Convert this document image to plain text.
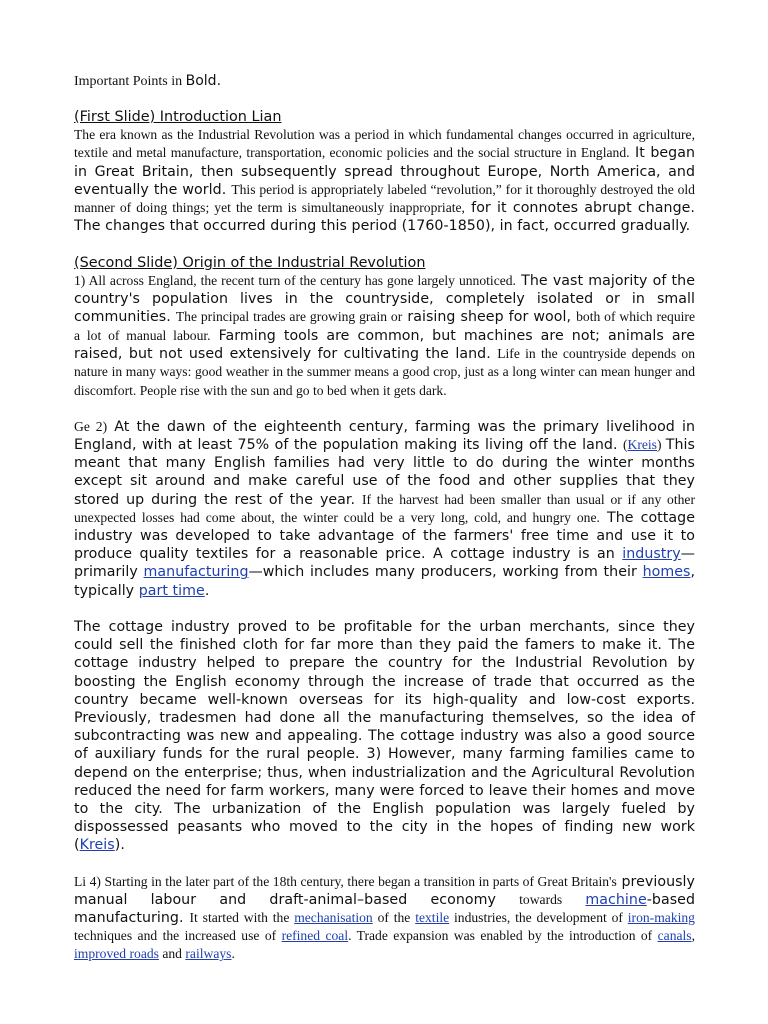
Important Points in Bold.
(First Slide) Introduction Lian

The era known as the Industrial Revolution was a period in which fundamental changes occurred in agriculture, textile and metal manufacture, transportation, economic policies and the social structure in England. It began in Great Britain, then subsequently spread throughout Europe, North America, and eventually the world. This period is appropriately labeled “revolution,” for it thoroughly destroyed the old manner of doing things; yet the term is simultaneously inappropriate, for it connotes abrupt change. The changes that occurred during this period (1760-1850), in fact, occurred gradually.

(Second Slide) Origin of the Industrial Revolution

1) All across England, the recent turn of the century has gone largely unnoticed. The vast majority of the country's population lives in the countryside, completely isolated or in small communities. The principal trades are growing grain or raising sheep for wool, both of which require a lot of manual labour. Farming tools are common, but machines are not; animals are raised, but not used extensively for cultivating the land. Life in the countryside depends on nature in many ways: good weather in the summer means a good crop, just as a long winter can mean hunger and discomfort. People rise with the sun and go to bed when it gets dark.

Ge 2) At the dawn of the eighteenth century, farming was the primary livelihood in England, with at least 75% of the population making its living off the land. (Kreis) This meant that many English families had very little to do during the winter months except sit around and make careful use of the food and other supplies that they stored up during the rest of the year. If the harvest had been smaller than usual or if any other unexpected losses had come about, the winter could be a very long, cold, and hungry one. The cottage industry was developed to take advantage of the farmers' free time and use it to produce quality textiles for a reasonable price. A cottage industry is an industry—primarily manufacturing—which includes many producers, working from their homes, typically part time.

The cottage industry proved to be profitable for the urban merchants, since they could sell the finished cloth for far more than they paid the famers to make it. The cottage industry helped to prepare the country for the Industrial Revolution by boosting the English economy through the increase of trade that occurred as the country became well-known overseas for its high-quality and low-cost exports. Previously, tradesmen had done all the manufacturing themselves, so the idea of subcontracting was new and appealing. The cottage industry was also a good source of auxiliary funds for the rural people. 3) However, many farming families came to depend on the enterprise; thus, when industrialization and the Agricultural Revolution reduced the need for farm workers, many were forced to leave their homes and move to the city. The urbanization of the English population was largely fueled by dispossessed peasants who moved to the city in the hopes of finding new work (Kreis).

Li 4) Starting in the later part of the 18th century, there began a transition in parts of Great Britain's previously manual labour and draft-animal–based economy towards machine-based manufacturing. It started with the mechanisation of the textile industries, the development of iron-making techniques and the increased use of refined coal. Trade expansion was enabled by the introduction of canals, improved roads and railways.
